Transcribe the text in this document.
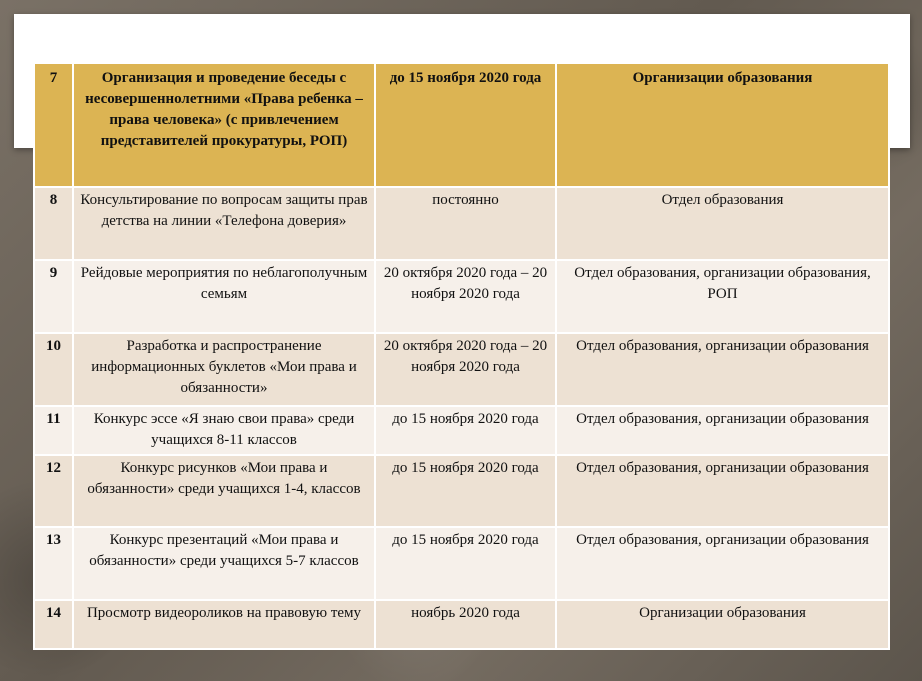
7	Организация и проведение беседы с несовершеннолетними «Права ребенка – права человека» (с привлечением представителей прокуратуры, РОП)	до 15 ноября 2020 года	Организации образования
8	Консультирование по вопросам защиты прав детства на линии «Телефона доверия»	постоянно	Отдел образования
9	Рейдовые мероприятия по неблагополучным семьям	20 октября 2020 года – 20 ноября 2020 года	Отдел образования, организации образования, РОП
10	Разработка и распространение информационных буклетов «Мои права и обязанности»	20 октября 2020 года – 20 ноября 2020 года	Отдел образования, организации образования
11	Конкурс эссе «Я знаю свои права» среди учащихся 8-11 классов	до 15 ноября 2020 года	Отдел образования, организации образования
12	Конкурс рисунков «Мои права и обязанности» среди учащихся 1-4, классов	до 15 ноября 2020 года	Отдел образования, организации образования
13	Конкурс презентаций «Мои права и обязанности» среди учащихся 5-7 классов	до 15 ноября 2020 года	Отдел образования, организации образования
14	Просмотр видеороликов на правовую тему	ноябрь 2020 года	Организации образования
